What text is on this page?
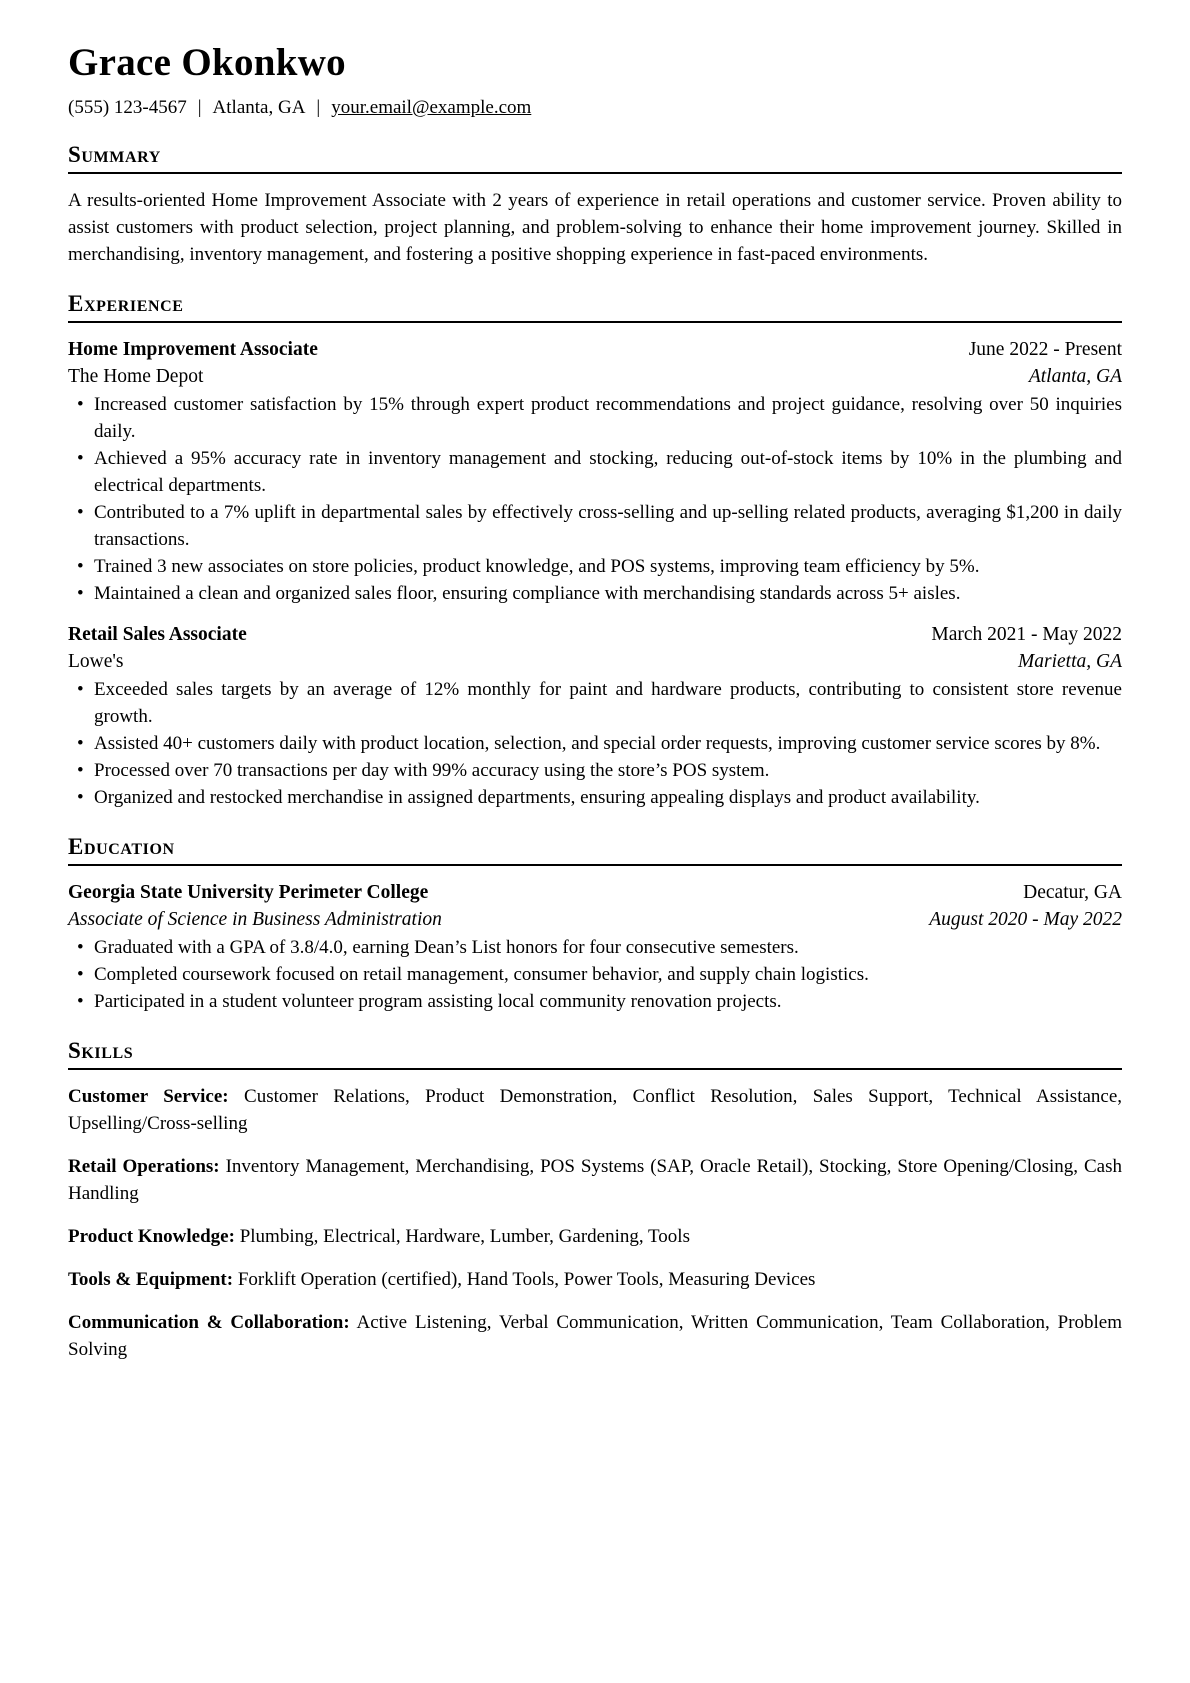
Grace Okonkwo
(555) 123-4567 | Atlanta, GA | your.email@example.com
Summary

A results-oriented Home Improvement Associate with 2 years of experience in retail operations and customer service. Proven ability to assist customers with product selection, project planning, and problem-solving to enhance their home improvement journey. Skilled in merchandising, inventory management, and fostering a positive shopping experience in fast-paced environments.

Experience
Home Improvement Associate	June 2022 - Present
The Home Depot	Atlanta, GA
• Increased customer satisfaction by 15% through expert product recommendations and project guidance, resolving over 50 inquiries daily.
• Achieved a 95% accuracy rate in inventory management and stocking, reducing out-of-stock items by 10% in the plumbing and electrical departments.
• Contributed to a 7% uplift in departmental sales by effectively cross-selling and up-selling related products, averaging $1,200 in daily transactions.
• Trained 3 new associates on store policies, product knowledge, and POS systems, improving team efficiency by 5%.
• Maintained a clean and organized sales floor, ensuring compliance with merchandising standards across 5+ aisles.
Retail Sales Associate	March 2021 - May 2022
Lowe's	Marietta, GA
• Exceeded sales targets by an average of 12% monthly for paint and hardware products, contributing to consistent store revenue growth.
• Assisted 40+ customers daily with product location, selection, and special order requests, improving customer service scores by 8%.
• Processed over 70 transactions per day with 99% accuracy using the store’s POS system.
• Organized and restocked merchandise in assigned departments, ensuring appealing displays and product availability.
Education
Georgia State University Perimeter College	Decatur, GA
Associate of Science in Business Administration	August 2020 - May 2022
• Graduated with a GPA of 3.8/4.0, earning Dean’s List honors for four consecutive semesters.
• Completed coursework focused on retail management, consumer behavior, and supply chain logistics.
• Participated in a student volunteer program assisting local community renovation projects.
Skills

Customer Service: Customer Relations, Product Demonstration, Conflict Resolution, Sales Support, Technical Assistance, Upselling/Cross-selling

Retail Operations: Inventory Management, Merchandising, POS Systems (SAP, Oracle Retail), Stocking, Store Opening/Closing, Cash Handling

Product Knowledge: Plumbing, Electrical, Hardware, Lumber, Gardening, Tools

Tools & Equipment: Forklift Operation (certified), Hand Tools, Power Tools, Measuring Devices

Communication & Collaboration: Active Listening, Verbal Communication, Written Communication, Team Collaboration, Problem Solving
